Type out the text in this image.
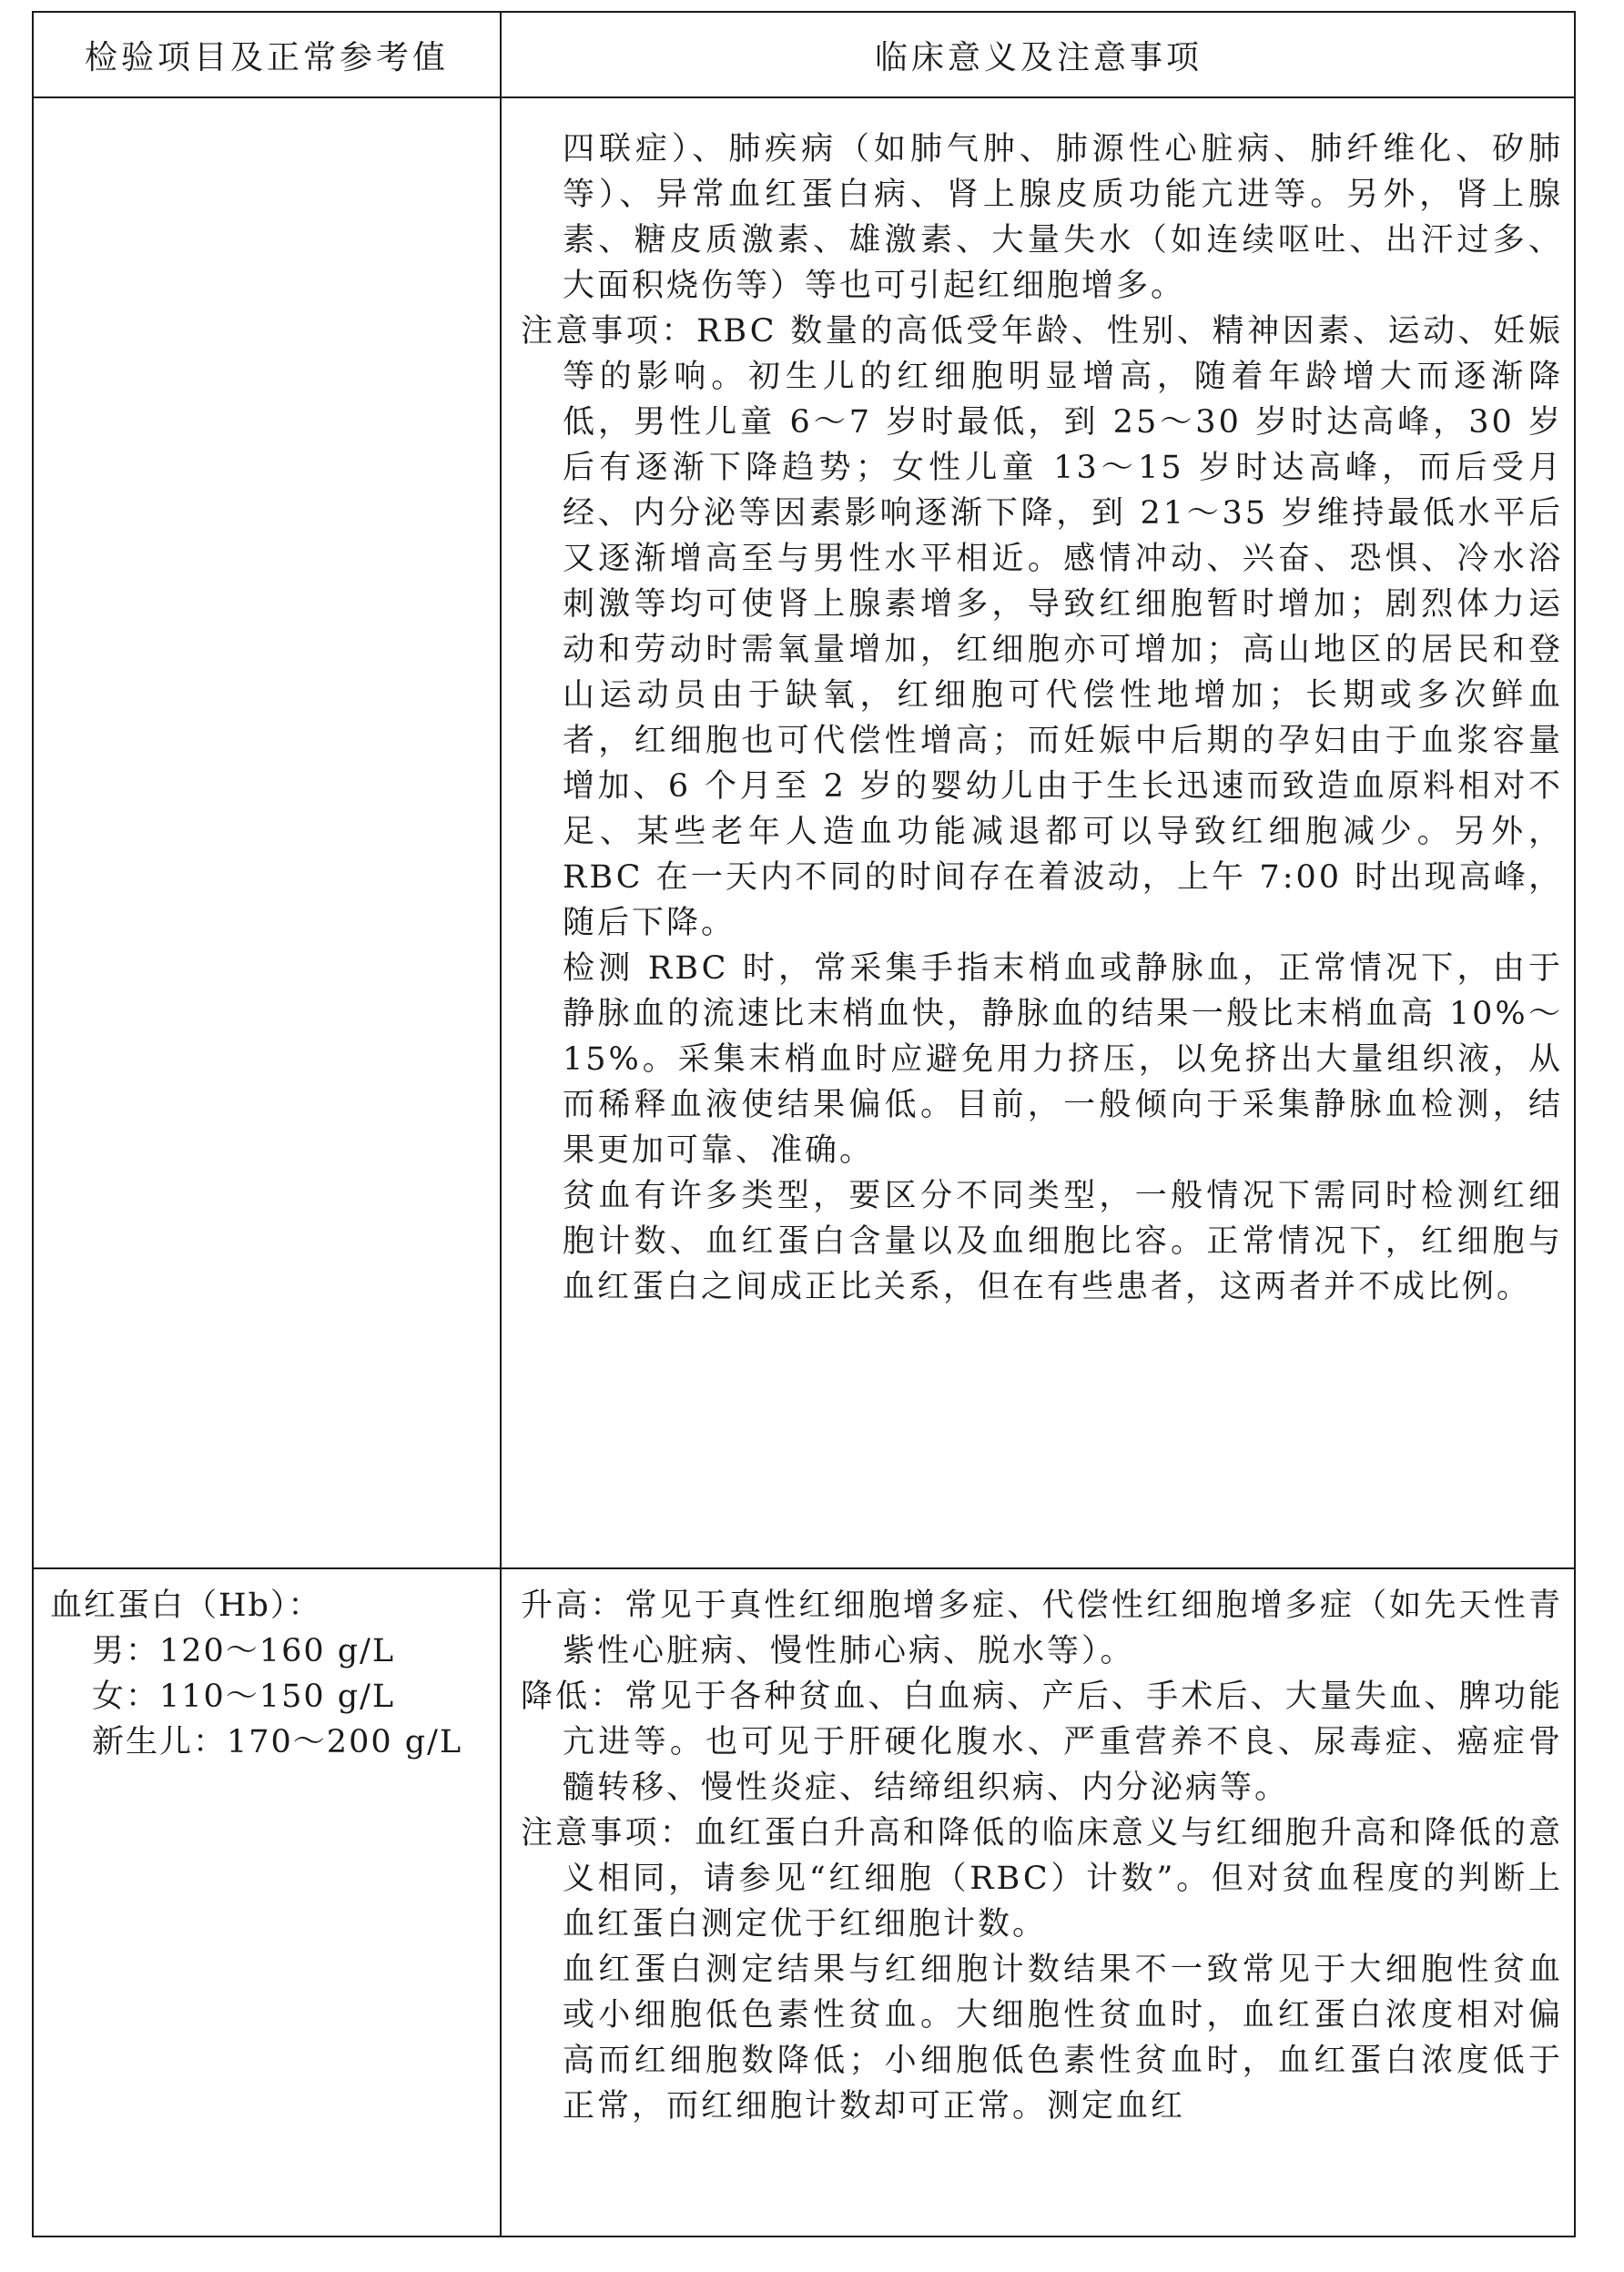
检验项目及正常参考值	临床意义及注意事项

四联症）、肺疾病（如肺气肿、肺源性心脏病、肺纤维化、矽肺等）、异常血红蛋白病、肾上腺皮质功能亢进等。另外，肾上腺素、糖皮质激素、雄激素、大量失水（如连续呕吐、出汗过多、大面积烧伤等）等也可引起红细胞增多。

注意事项：RBC 数量的高低受年龄、性别、精神因素、运动、妊娠等的影响。初生儿的红细胞明显增高，随着年龄增大而逐渐降低，男性儿童 6～7 岁时最低，到 25～30 岁时达高峰，30 岁后有逐渐下降趋势；女性儿童 13～15 岁时达高峰，而后受月经、内分泌等因素影响逐渐下降，到 21～35 岁维持最低水平后又逐渐增高至与男性水平相近。感情冲动、兴奋、恐惧、冷水浴刺激等均可使肾上腺素增多，导致红细胞暂时增加；剧烈体力运动和劳动时需氧量增加，红细胞亦可增加；高山地区的居民和登山运动员由于缺氧，红细胞可代偿性地增加；长期或多次鲜血者，红细胞也可代偿性增高；而妊娠中后期的孕妇由于血浆容量增加、6 个月至 2 岁的婴幼儿由于生长迅速而致造血原料相对不足、某些老年人造血功能减退都可以导致红细胞减少。另外，RBC 在一天内不同的时间存在着波动，上午 7:00 时出现高峰，随后下降。

检测 RBC 时，常采集手指末梢血或静脉血，正常情况下，由于静脉血的流速比末梢血快，静脉血的结果一般比末梢血高 10%～15%。采集末梢血时应避免用力挤压，以免挤出大量组织液，从而稀释血液使结果偏低。目前，一般倾向于采集静脉血检测，结果更加可靠、准确。

贫血有许多类型，要区分不同类型，一般情况下需同时检测红细胞计数、血红蛋白含量以及血细胞比容。正常情况下，红细胞与血红蛋白之间成正比关系，但在有些患者，这两者并不成比例。

血红蛋白（Hb）：

男：120～160 g/L

女：110～150 g/L

新生儿：170～200 g/L

升高：常见于真性红细胞增多症、代偿性红细胞增多症（如先天性青紫性心脏病、慢性肺心病、脱水等）。

降低：常见于各种贫血、白血病、产后、手术后、大量失血、脾功能亢进等。也可见于肝硬化腹水、严重营养不良、尿毒症、癌症骨髓转移、慢性炎症、结缔组织病、内分泌病等。

注意事项：血红蛋白升高和降低的临床意义与红细胞升高和降低的意义相同，请参见“红细胞（RBC）计数”。但对贫血程度的判断上血红蛋白测定优于红细胞计数。

血红蛋白测定结果与红细胞计数结果不一致常见于大细胞性贫血或小细胞低色素性贫血。大细胞性贫血时，血红蛋白浓度相对偏高而红细胞数降低；小细胞低色素性贫血时，血红蛋白浓度低于正常，而红细胞计数却可正常。测定血红
